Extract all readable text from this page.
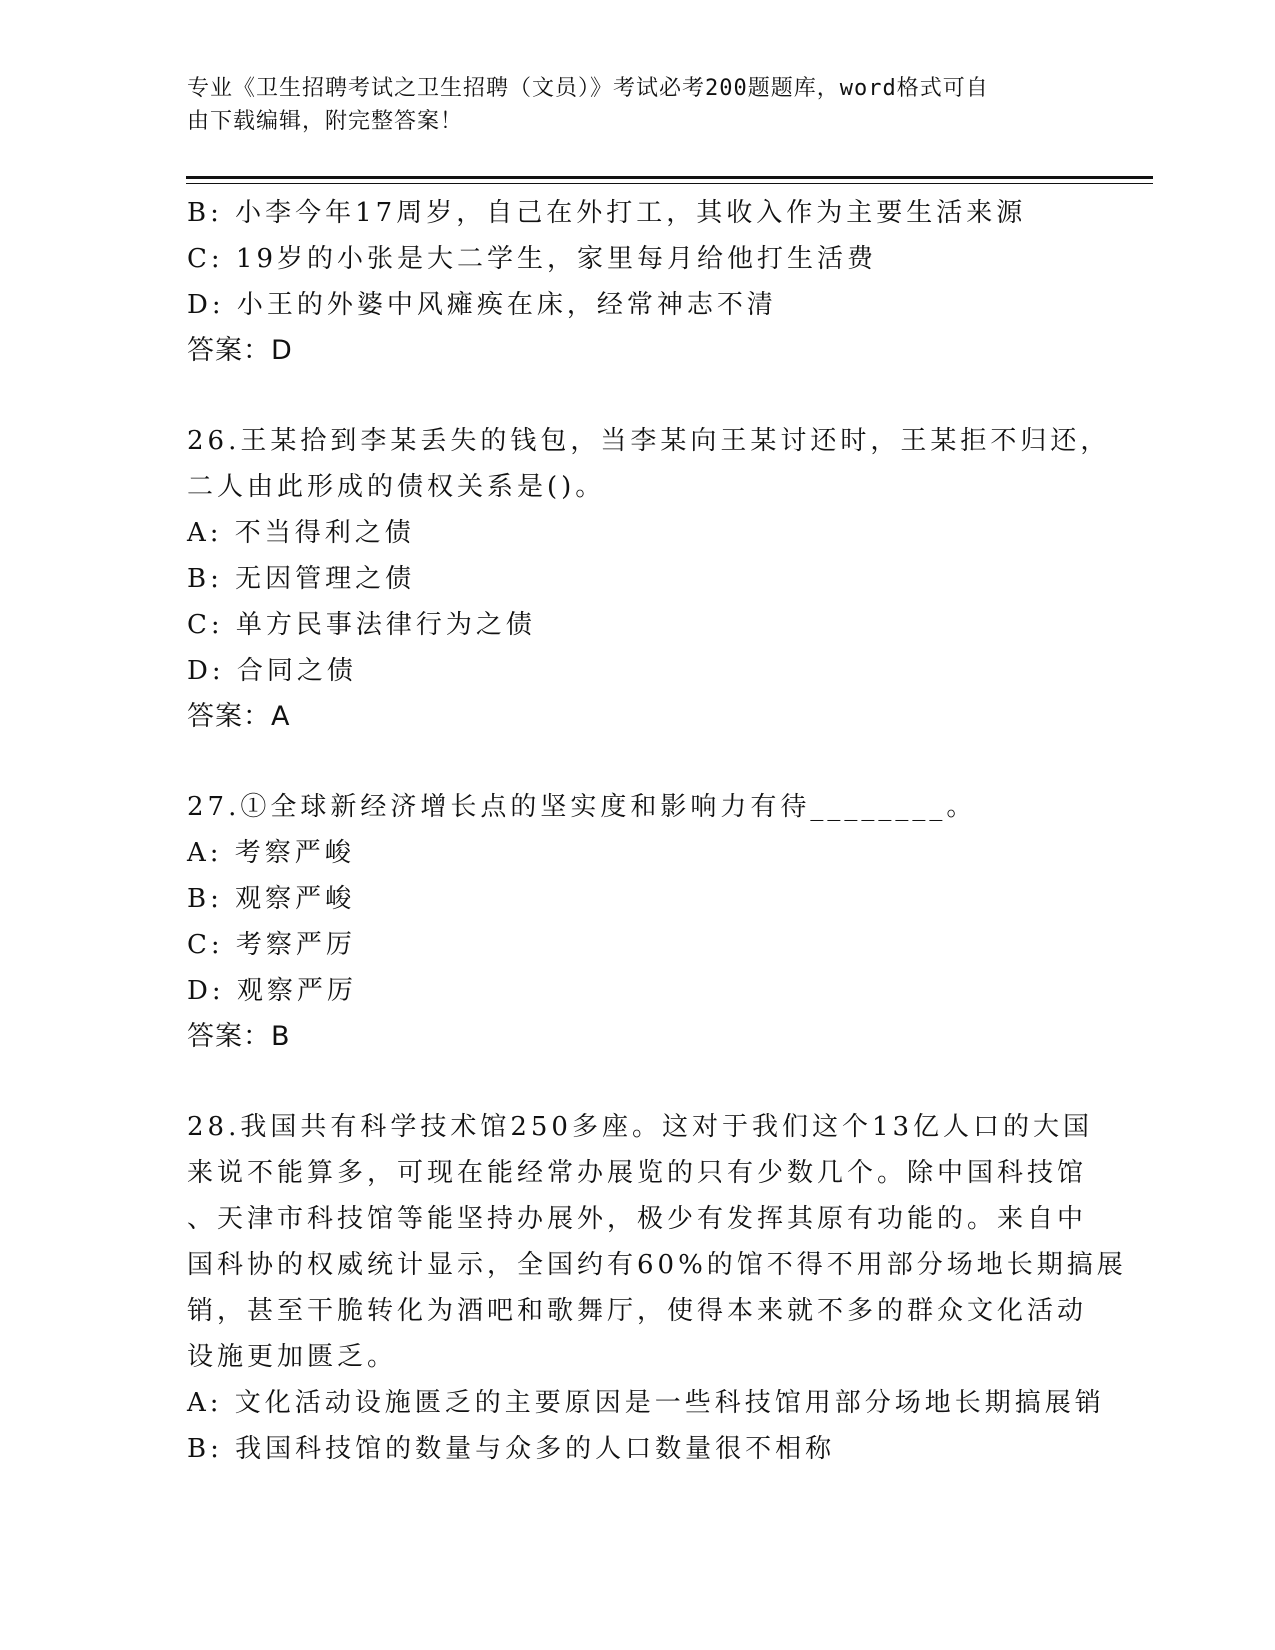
专业《卫生招聘考试之卫生招聘（文员）》考试必考200题题库，word格式可自
由下载编辑，附完整答案！
B: 小李今年17周岁，自己在外打工，其收入作为主要生活来源
C: 19岁的小张是大二学生，家里每月给他打生活费
D: 小王的外婆中风瘫痪在床，经常神志不清
答案：D
26.王某拾到李某丢失的钱包，当李某向王某讨还时，王某拒不归还，
二人由此形成的债权关系是()。
A: 不当得利之债
B: 无因管理之债
C: 单方民事法律行为之债
D: 合同之债
答案：A
27.①全球新经济增长点的坚实度和影响力有待________。
A: 考察严峻
B: 观察严峻
C: 考察严厉
D: 观察严厉
答案：B
28.我国共有科学技术馆250多座。这对于我们这个13亿人口的大国
来说不能算多，可现在能经常办展览的只有少数几个。除中国科技馆
、天津市科技馆等能坚持办展外，极少有发挥其原有功能的。来自中
国科协的权威统计显示，全国约有60%的馆不得不用部分场地长期搞展
销，甚至干脆转化为酒吧和歌舞厅，使得本来就不多的群众文化活动
设施更加匮乏。
A: 文化活动设施匮乏的主要原因是一些科技馆用部分场地长期搞展销
B: 我国科技馆的数量与众多的人口数量很不相称
